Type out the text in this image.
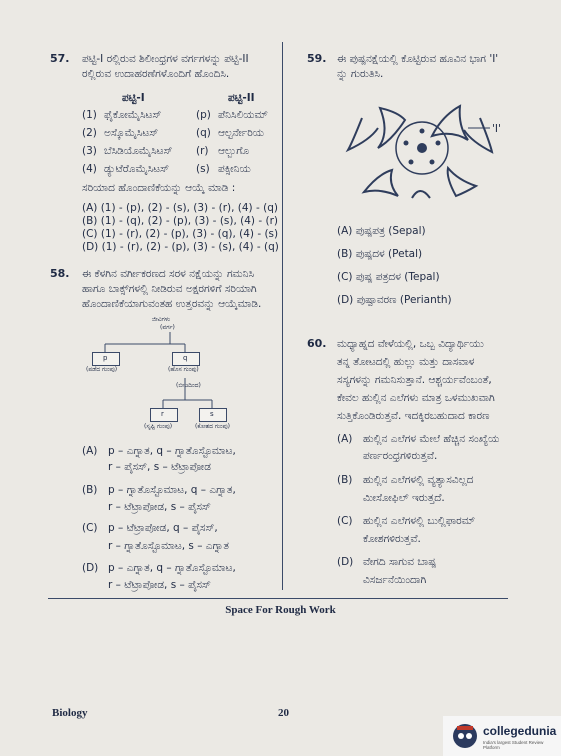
57. ಪಟ್ಟಿ-I ರಲ್ಲಿರುವ ಶಿಲೀಂಧ್ರಗಳ ವರ್ಗಗಳನ್ನು ಪಟ್ಟಿ-II
ರಲ್ಲಿರುವ ಉದಾಹರಣೆಗಳೊಂದಿಗೆ ಹೊಂದಿಸಿ.
ಪಟ್ಟಿ-I	ಪಟ್ಟಿ-II
(1) ಫೈಕೋಮೈಸಿಟಸ್	(p) ಪೆನಿಸಿಲಿಯಮ್
(2) ಅಸ್ಕೊಮೈಸಿಟಸ್	(q) ಆಲ್ಟರ್ನೇರಿಯ
(3) ಬೆಸಿಡಿಯೊಮೈಸಿಟಸ್ (r) ಆಲ್ಬುಗೊ
(4) ಡ್ಯುಟೆರೊಮೈಸಿಟಸ್	(s) ಪಕ್ಸೀನಿಯ
ಸರಿಯಾದ ಹೊಂದಾಣಿಕೆಯನ್ನು ಆಯ್ಕೆ ಮಾಡಿ :
(A) (1) - (p), (2) - (s), (3) - (r), (4) - (q)
(B) (1) - (q), (2) - (p), (3) - (s), (4) - (r)
(C) (1) - (r), (2) - (p), (3) - (q), (4) - (s)
(D) (1) - (r), (2) - (p), (3) - (s), (4) - (q)
58. ಈ ಕೆಳಗಿನ ವರ್ಗೀಕರಣದ ಸರಳ ನಕ್ಷೆಯನ್ನು ಗಮನಿಸಿ
ಹಾಗೂ ಬಾಕ್ಸ್‌ಗಳಲ್ಲಿ ನೀಡಿರುವ ಅಕ್ಷರಗಳಿಗೆ ಸರಿಯಾಗಿ
ಹೊಂದಾಣಿಕೆಯಾಗುವಂತಹ ಉತ್ತರವನ್ನು ಆಯ್ಕೆಮಾಡಿ.
ಜೀವಿಗಳು
(ವರ್ಗ)
p
(ಪಡೆದ ಗುಂಪು)
q
(ಹೊಸ ಗುಂಪು)
(ಬೀಜದಿಂದ)
r
(ಸೃಷ್ಟಿ ಗುಂಪು)
s
(ಕೋಶದ ಗುಂಪು)
(A) p – ಎಗ್ನಾತ, q – ಗ್ನಾತೊಸ್ಟೊಮಾಟ,
r – ಪೈಸಸ್, s – ಟೆಟ್ರಾಪೋಡ
(B) p – ಗ್ನಾತೊಸ್ಟೊಮಾಟ, q – ಎಗ್ನಾತ,
r – ಟೆಟ್ರಾಪೋಡ, s – ಪೈಸಸ್
(C) p – ಟೆಟ್ರಾಪೋಡ, q – ಪೈಸಸ್,
r – ಗ್ನಾತೊಸ್ಟೊಮಾಟ, s – ಎಗ್ನಾತ
(D) p – ಎಗ್ನಾತ, q – ಗ್ನಾತೊಸ್ಟೊಮಾಟ,
r – ಟೆಟ್ರಾಪೋಡ, s – ಪೈಸಸ್
59. ಈ ಪುಷ್ಪನಕ್ಷೆಯಲ್ಲಿ ಕೊಟ್ಟಿರುವ ಹೂವಿನ ಭಾಗ 'I'
ನ್ನು ಗುರುತಿಸಿ.
'I'
(A) ಪುಷ್ಪಪತ್ರ (Sepal)
(B) ಪುಷ್ಪದಳ (Petal)
(C) ಪುಷ್ಪ ಪತ್ರದಳ (Tepal)
(D) ಪುಷ್ಪಾವರಣ (Perianth)
60. ಮಧ್ಯಾಹ್ನದ ವೇಳೆಯಲ್ಲಿ, ಒಬ್ಬ ವಿದ್ಯಾರ್ಥಿಯು
ತನ್ನ ತೋಟದಲ್ಲಿ ಹುಲ್ಲು ಮತ್ತು ದಾಸವಾಳ
ಸಸ್ಯಗಳನ್ನು ಗಮನಿಸುತ್ತಾನೆ. ಆಶ್ಚರ್ಯವೆಂಬಂತೆ,
ಕೇವಲ ಹುಲ್ಲಿನ ಎಲೆಗಳು ಮಾತ್ರ ಒಳಮುಖವಾಗಿ
ಸುತ್ತಿಕೊಂಡಿರುತ್ತವೆ. ಇದಕ್ಕಿರಬಹುದಾದ ಕಾರಣ
(A) ಹುಲ್ಲಿನ ಎಲೆಗಳ ಮೇಲೆ ಹೆಚ್ಚಿನ ಸಂಖ್ಯೆಯ
ಪರ್ಣರಂಧ್ರಗಳಿರುತ್ತವೆ.
(B) ಹುಲ್ಲಿನ ಎಲೆಗಳಲ್ಲಿ ವ್ಯತ್ಯಾಸವಿಲ್ಲದ
ಮೀಸೋಫಿಲ್ ಇರುತ್ತದೆ.
(C) ಹುಲ್ಲಿನ ಎಲೆಗಳಲ್ಲಿ ಬುಲ್ಲಿಫಾರಮ್
ಕೋಶಗಳಿರುತ್ತವೆ.
(D) ವೇಗದಿ ಸಾಗುವ ಬಾಷ್ಪ
ವಿಸರ್ಜನೆಯಿಂದಾಗಿ
Space For Rough Work
Biology	20
collegedunia
India's largest Student Review Platform
